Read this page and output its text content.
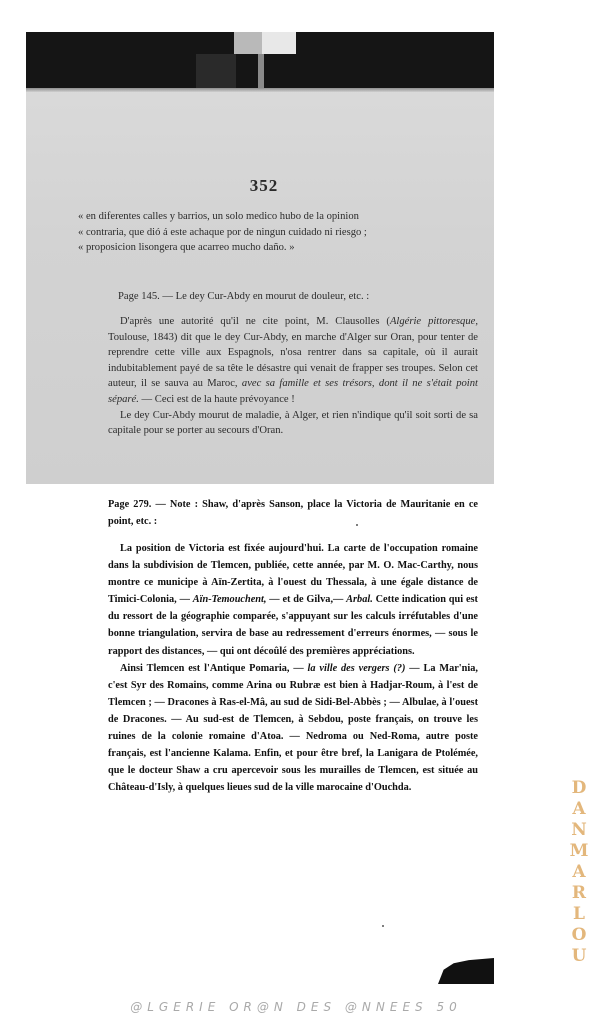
352

« en diferentes calles y barrios, un solo medico hubo de la opinion

« contraria, que dió á este achaque por de ningun cuidado ni riesgo ;

« proposicion lisongera que acarreo mucho daño. »

Page 145. — Le dey Cur-Abdy en mourut de douleur, etc. :

D'après une autorité qu'il ne cite point, M. Clausolles (Algérie pittoresque, Toulouse, 1843) dit que le dey Cur-Abdy, en marche d'Alger sur Oran, pour tenter de reprendre cette ville aux Espagnols, n'osa rentrer dans sa capitale, où il aurait indubitablement payé de sa tête le désastre qui venait de frapper ses troupes. Selon cet auteur, il se sauva au Maroc, avec sa famille et ses trésors, dont il ne s'était point séparé. — Ceci est de la haute prévoyance !

Le dey Cur-Abdy mourut de maladie, à Alger, et rien n'indique qu'il soit sorti de sa capitale pour se porter au secours d'Oran.

Page 279. — Note : Shaw, d'après Sanson, place la Victoria de Mauritanie en ce point, etc. :

La position de Victoria est fixée aujourd'hui. La carte de l'occupation romaine dans la subdivision de Tlemcen, publiée, cette année, par M. O. Mac-Carthy, nous montre ce municipe à Aïn-Zertita, à l'ouest du Thessala, à une égale distance de Timici-Colonia, — Aïn-Temouchent, — et de Gilva,— Arbal. Cette indication qui est du ressort de la géographie comparée, s'appuyant sur les calculs irréfutables d'une bonne triangulation, servira de base au redressement d'erreurs énormes, — sous le rapport des distances, — qui ont décoûlé des premières appréciations.

Ainsi Tlemcen est l'Antique Pomaria, — la ville des vergers (?) — La Mar'nia, c'est Syr des Romains, comme Arina ou Rubræ est bien à Hadjar-Roum, à l'est de Tlemcen ; — Dracones à Ras-el-Mâ, au sud de Sidi-Bel-Abbès ; — Albulae, à l'ouest de Dracones. — Au sud-est de Tlemcen, à Sebdou, poste français, on trouve les ruines de la colonie romaine d'Atoa. — Nedroma ou Ned-Roma, autre poste français, est l'ancienne Kalama. Enfin, et pour être bref, la Lanigara de Ptolémée, que le docteur Shaw a cru apercevoir sous les murailles de Tlemcen, est située au Château-d'Isly, à quelques lieues sud de la ville marocaine d'Ouchda.	D
A
N
M
A
R
L
O
U
@LGERIE OR@N DES @NNEES 50
